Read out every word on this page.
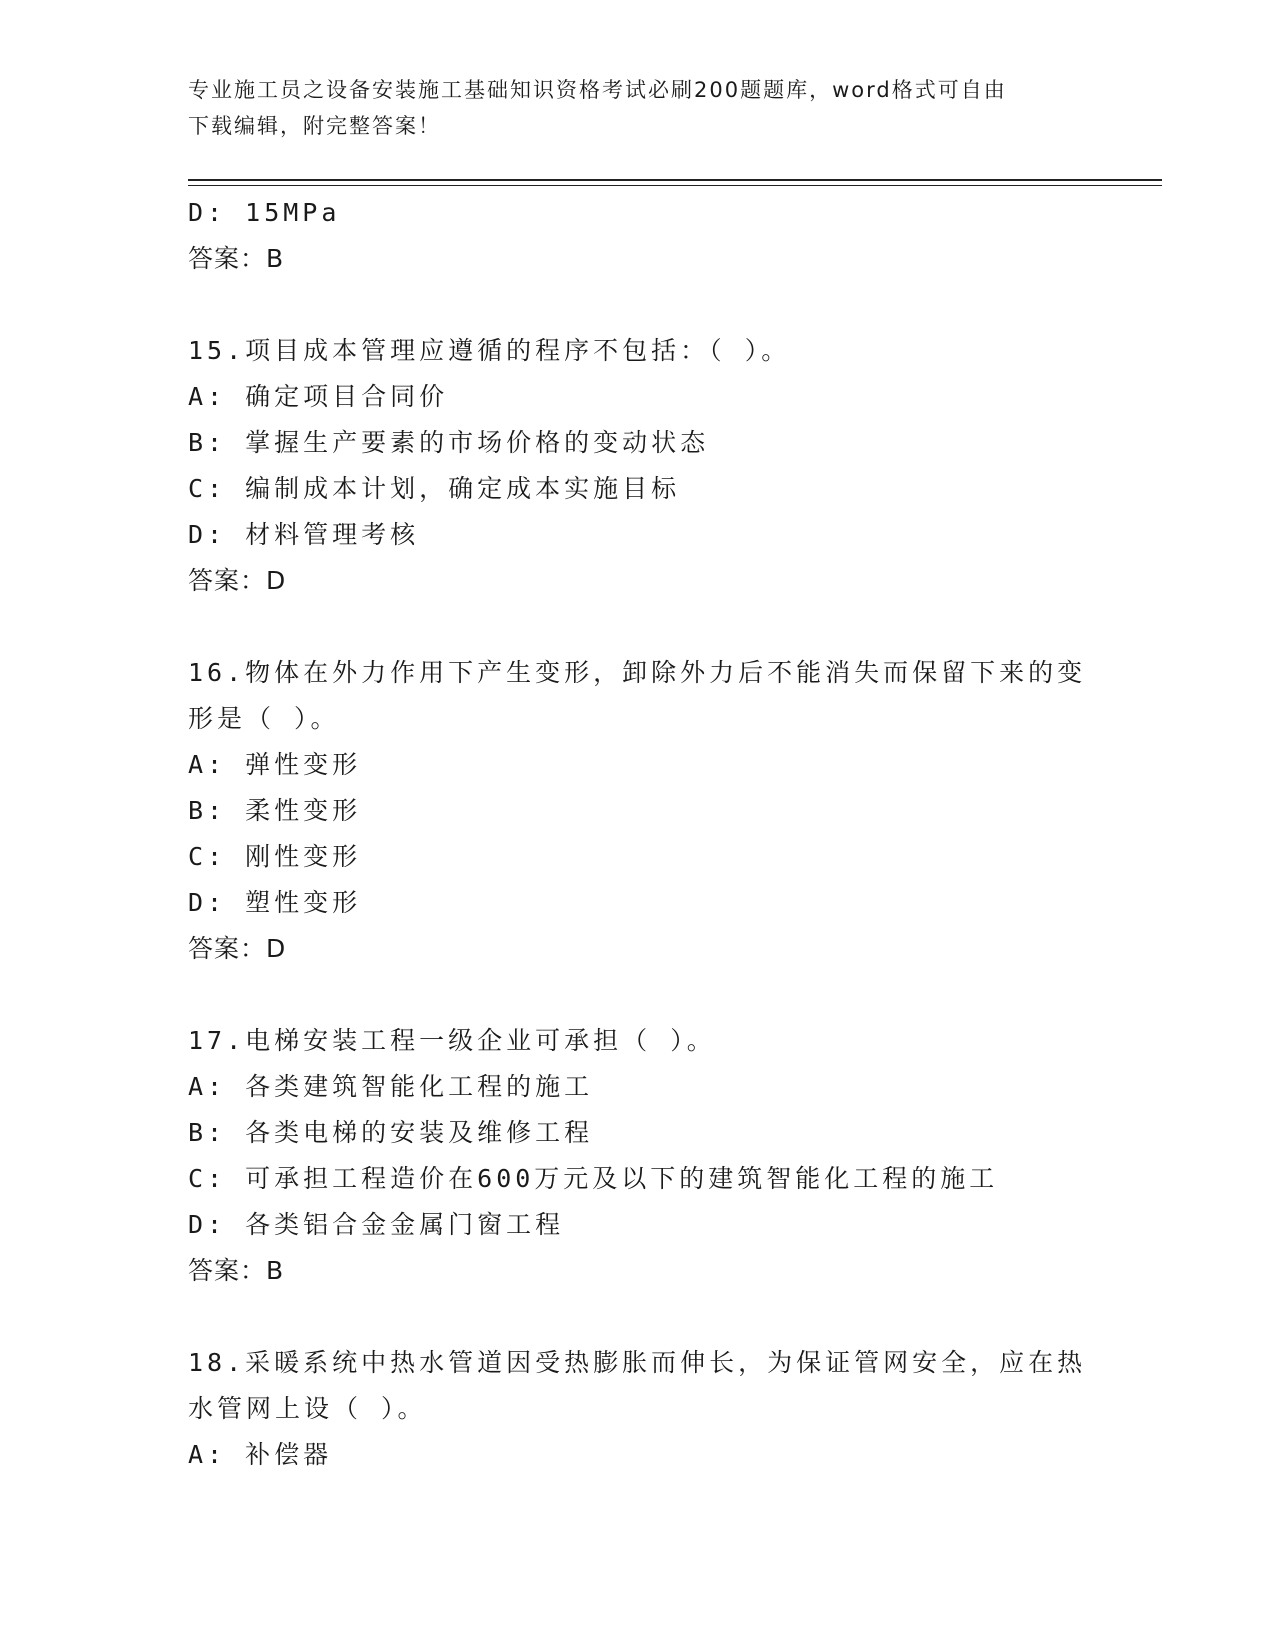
专业施工员之设备安装施工基础知识资格考试必刷200题题库，word格式可自由
下载编辑，附完整答案！
D: 15MPa
答案：B
15.项目成本管理应遵循的程序不包括：（ ）。
A: 确定项目合同价
B: 掌握生产要素的市场价格的变动状态
C: 编制成本计划，确定成本实施目标
D: 材料管理考核
答案：D
16.物体在外力作用下产生变形，卸除外力后不能消失而保留下来的变
形是（ ）。
A: 弹性变形
B: 柔性变形
C: 刚性变形
D: 塑性变形
答案：D
17.电梯安装工程一级企业可承担（ ）。
A: 各类建筑智能化工程的施工
B: 各类电梯的安装及维修工程
C: 可承担工程造价在600万元及以下的建筑智能化工程的施工
D: 各类铝合金金属门窗工程
答案：B
18.采暖系统中热水管道因受热膨胀而伸长，为保证管网安全，应在热
水管网上设（ ）。
A: 补偿器
